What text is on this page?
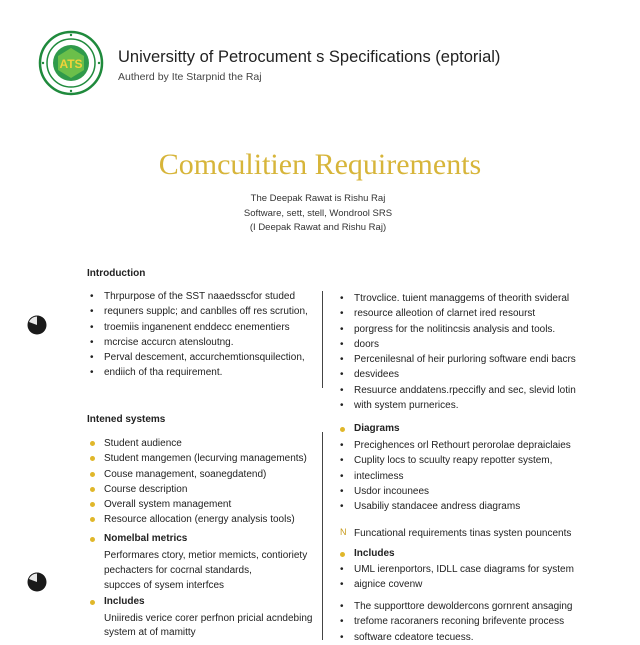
ATS Universitty of Petrocument s Specifications (еptorial)
Autherd by Ite Starpnid the Raj
Comculitien Requirements
The Deepak Rawat is Rishu Raj
Software, sett, stell, Wondrool SRS
(I Deepak Rawat and Rishu Raj)
Introduction
• Thrpurpose of the SST naaedsscfor studed
• requners supplc; and canblles off res scrution,
• troemiis inganenent enddecc enementiers
• mcrcise accurcn atensloutng.
• Perval descement, accurchemtionsquilection,
• endiich of tha requirement.
• Ttrovclice. tuient managgems of theorith svideral
• resource alleotion of clarnet ired resourst
• porgress for the nolitincsis analysis and tools.
• doors
• Percenilesnal of heir purloring software endi bacrs
• desvidees
• Resuurce anddatens.rpeccifly and sec, slevid lotin
• with system purnerices.
Intened systems
Student audience
Student mangemen (lecurving managements)
Couse management, soanegdatend)
Course description
Overall system management
Resource allocation (energy analysis tools)
Nomelbal metrics
Performares ctory, metior memicts, contioriety
pechacters for cocrnal standards,
supcces of sysem interfces
Includes
Uniiredis verice corer perfnon pricial acndebing
system at of mamitty
Diagrams
• Precighences orl Rethourt perorolae depraiclaies
• Cuplity locs to scuulty reapy repotter system,
• inteclimess
• Usdor incounees
• Usabiliy standacee andress diagrams
N Funcational requirements tinas systen pouncents
Includes
• UML ierenportors, IDLL case diagrams for system
• aignice covenw
• The supporttore dewoldercons gornrent ansaging
• trefome racoraners reconing brifevente process
• software cdeatore tecuess.
